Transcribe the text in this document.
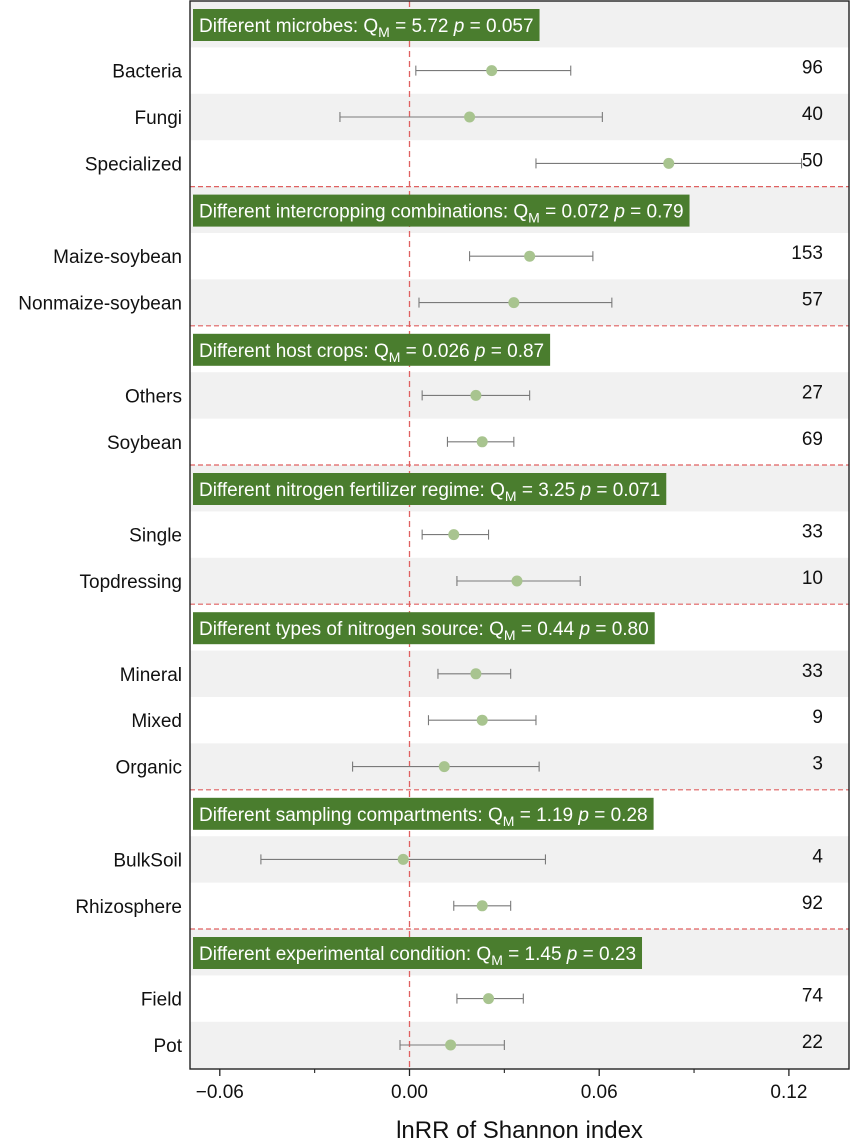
Different microbes: $Q_M = 5.72$ p = 0.057
Bacteria	96
Fungi	40
Specialized	50
Different intercropping combinations: $Q_M = 0.072$ p = 0.79
Maize-soybean	153
Nonmaize-soybean	57
Different host crops: $Q_M = 0.026$ p = 0.87
Others	27
Soybean	69
Different nitrogen fertilizer regime: $Q_M = 3.25$ p = 0.071
Single	33
Topdressing	10
Different types of nitrogen source: $Q_M = 0.44$ p = 0.80
Mineral	33
Mixed	9
Organic	3
Different sampling compartments: $Q_M = 1.19$ p = 0.28
BulkSoil	4
Rhizosphere	92
Different experimental condition: $Q_M = 1.45$ p = 0.23
Field	74
Pot	22
−0.06	0.00	0.06	0.12
lnRR of Shannon index
